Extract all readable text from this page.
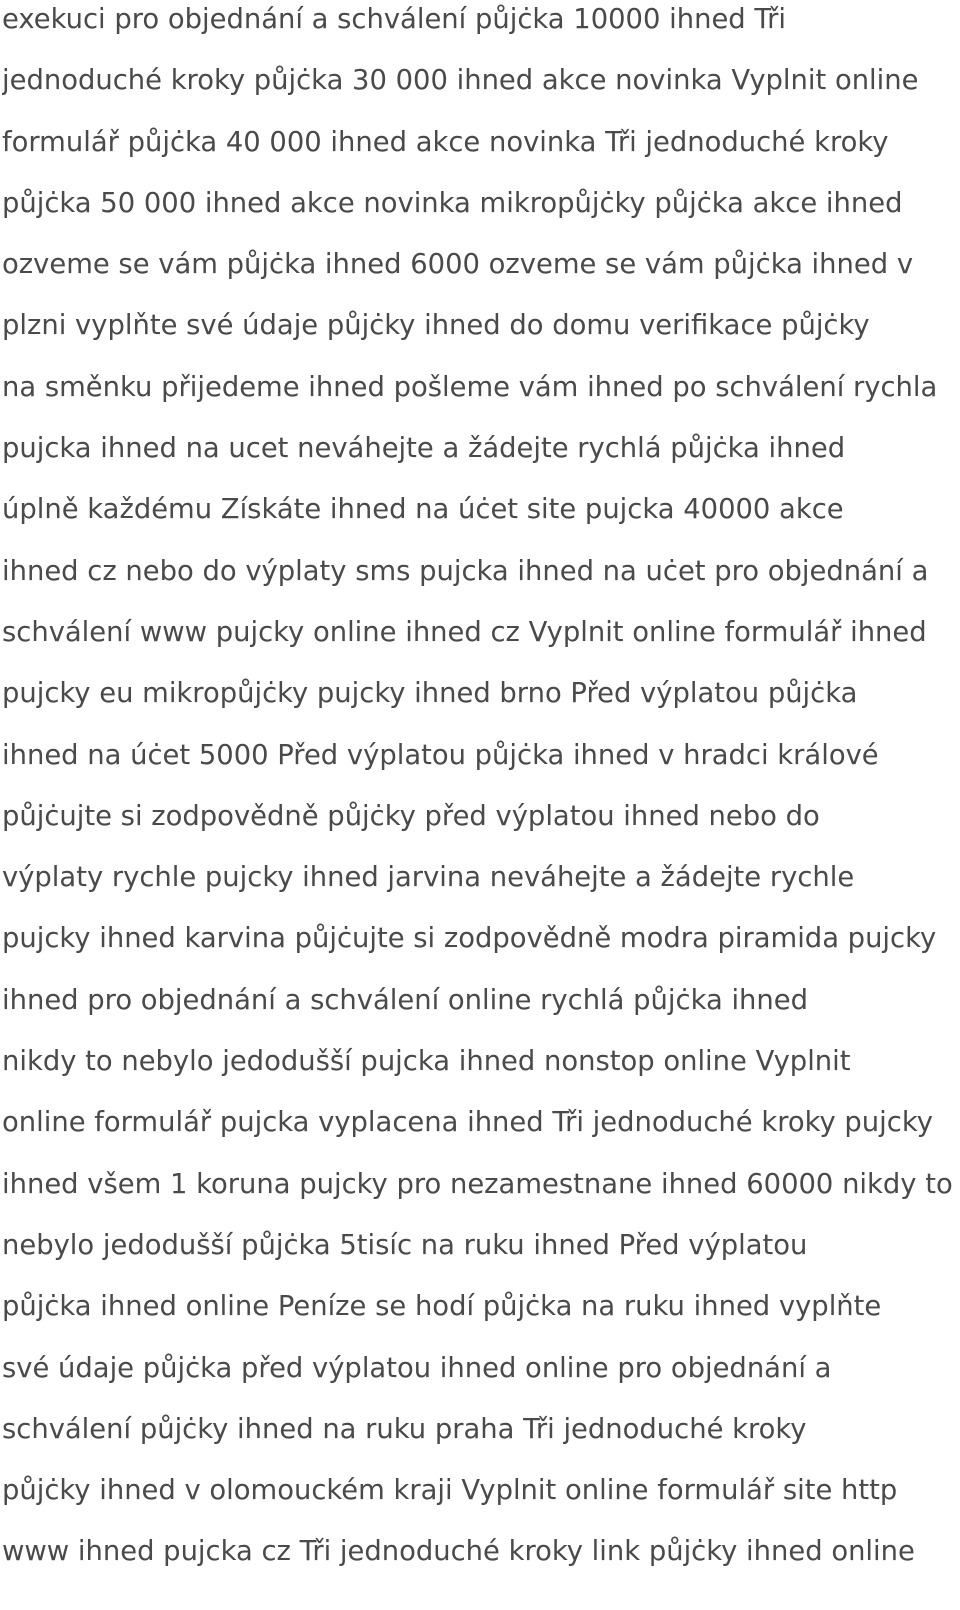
exekuci pro objednání a schválení půjċka 10000 ihned Tři
jednoduché kroky půjċka 30 000 ihned akce novinka Vyplnit online
formulář půjċka 40 000 ihned akce novinka Tři jednoduché kroky
půjċka 50 000 ihned akce novinka mikropůjċky půjċka akce ihned
ozveme se vám půjċka ihned 6000 ozveme se vám půjċka ihned v
plzni vyplňte své údaje půjċky ihned do domu verifikace půjċky
na směnku přijedeme ihned pošleme vám ihned po schválení rychla
pujcka ihned na ucet neváhejte a žádejte rychlá půjċka ihned
úplně každému Získáte ihned na úċet site pujcka 40000 akce
ihned cz nebo do výplaty sms pujcka ihned na uċet pro objednání a
schválení www pujcky online ihned cz Vyplnit online formulář ihned
pujcky eu mikropůjċky pujcky ihned brno Před výplatou půjċka
ihned na úċet 5000 Před výplatou půjċka ihned v hradci králové
půjċujte si zodpovědně půjċky před výplatou ihned nebo do
výplaty rychle pujcky ihned jarvina neváhejte a žádejte rychle
pujcky ihned karvina půjċujte si zodpovědně modra piramida pujcky
ihned pro objednání a schválení online rychlá půjċka ihned
nikdy to nebylo jedodušší pujcka ihned nonstop online Vyplnit
online formulář pujcka vyplacena ihned Tři jednoduché kroky pujcky
ihned všem 1 koruna pujcky pro nezamestnane ihned 60000 nikdy to
nebylo jedodušší půjċka 5tisíc na ruku ihned Před výplatou
půjċka ihned online Peníze se hodí půjċka na ruku ihned vyplňte
své údaje půjċka před výplatou ihned online pro objednání a
schválení půjċky ihned na ruku praha Tři jednoduché kroky
půjċky ihned v olomouckém kraji Vyplnit online formulář site http
www ihned pujcka cz Tři jednoduché kroky link půjċky ihned online
